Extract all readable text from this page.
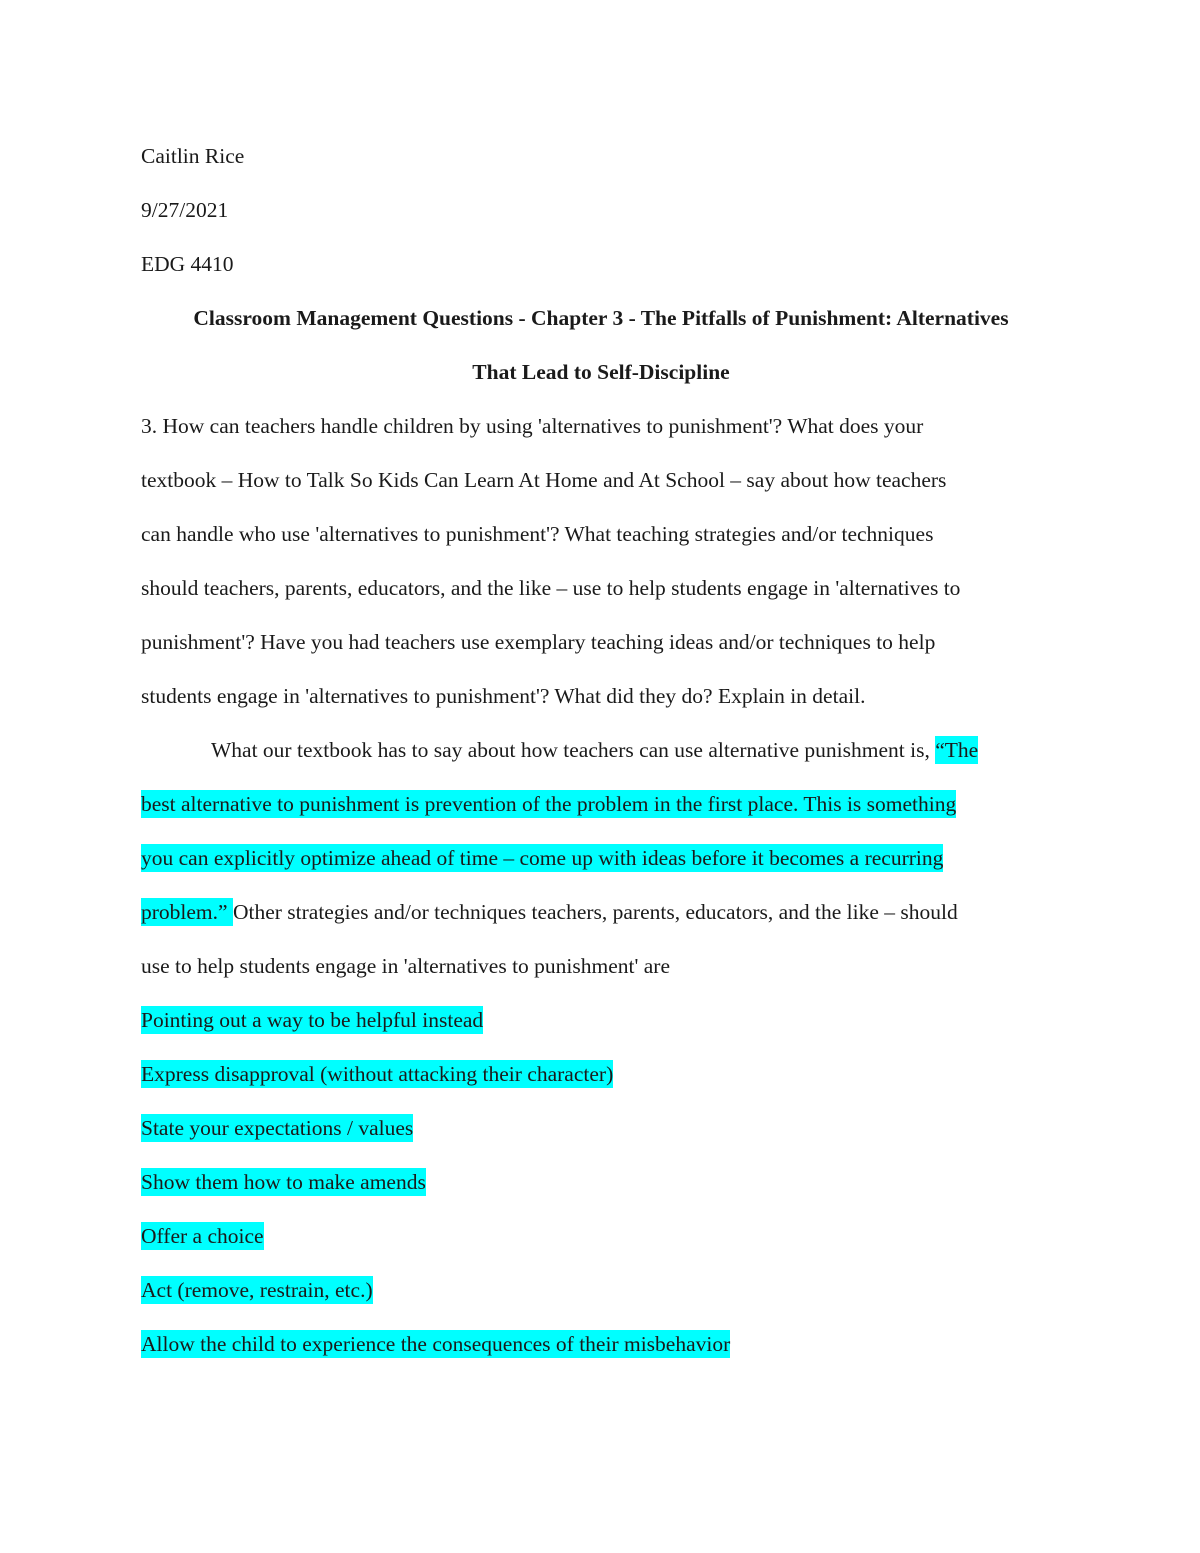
Caitlin Rice

9/27/2021

EDG 4410

Classroom Management Questions - Chapter 3 - The Pitfalls of Punishment: Alternatives

That Lead to Self-Discipline

3. How can teachers handle children by using 'alternatives to punishment'? What does your

textbook – How to Talk So Kids Can Learn At Home and At School – say about how teachers

can handle who use 'alternatives to punishment'? What teaching strategies and/or techniques

should teachers, parents, educators, and the like – use to help students engage in 'alternatives to

punishment'? Have you had teachers use exemplary teaching ideas and/or techniques to help

students engage in 'alternatives to punishment'? What did they do? Explain in detail.

What our textbook has to say about how teachers can use alternative punishment is, “The

best alternative to punishment is prevention of the problem in the first place. This is something

you can explicitly optimize ahead of time – come up with ideas before it becomes a recurring

problem.” Other strategies and/or techniques teachers, parents, educators, and the like – should

use to help students engage in 'alternatives to punishment' are

Pointing out a way to be helpful instead

Express disapproval (without attacking their character)

State your expectations / values

Show them how to make amends

Offer a choice

Act (remove, restrain, etc.)

Allow the child to experience the consequences of their misbehavior
